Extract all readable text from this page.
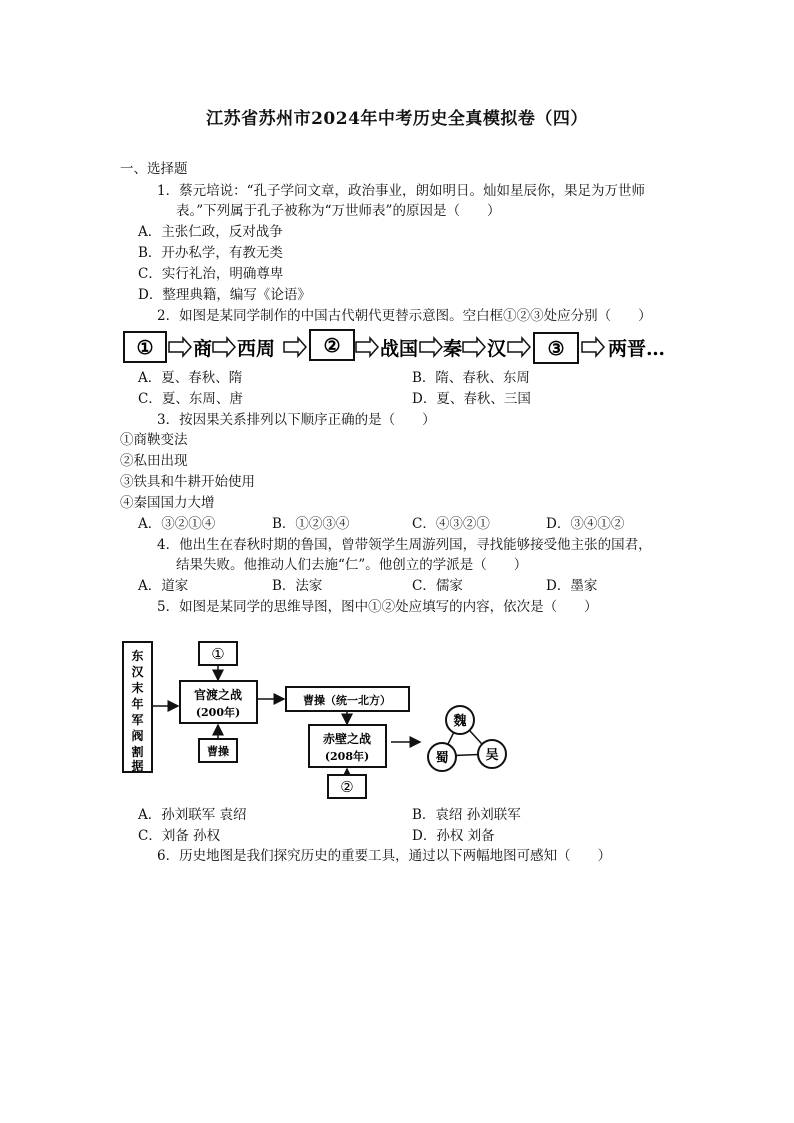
江苏省苏州市2024年中考历史全真模拟卷（四）
一、选择题
1．蔡元培说：“孔子学问文章，政治事业，朗如明日。灿如星辰你，果足为万世师
表。”下列属于孔子被称为“万世师表”的原因是（　　）
A．主张仁政，反对战争
B．开办私学，有教无类
C．实行礼治，明确尊卑
D．整理典籍，编写《论语》
2．如图是某同学制作的中国古代朝代更替示意图。空白框①②③处应分别（　　）
① 商 西周	② 战国 秦 汉 ③ 两晋…
A．夏、春秋、隋	B．隋、春秋、东周
C．夏、东周、唐	D．夏、春秋、三国
3．按因果关系排列以下顺序正确的是（　　）
①商鞅变法
②私田出现
③铁具和牛耕开始使用
④秦国国力大增
A．③②①④	B．①②③④	C．④③②①	D．③④①②
4．他出生在春秋时期的鲁国，曾带领学生周游列国，寻找能够接受他主张的国君，
结果失败。他推动人们去施“仁”。他创立的学派是（　　）
A．道家	B．法家	C．儒家	D．墨家
5．如图是某同学的思维导图，图中①②处应填写的内容，依次是（　　）
东
汉
末
年
军
阀
割
据
①
官渡之战
(200年)
曹操
曹操（统一北方）
赤壁之战
(208年)
②
魏
蜀	吴
A．孙刘联军 袁绍	B．袁绍 孙刘联军
C．刘备 孙权	D．孙权 刘备
6．历史地图是我们探究历史的重要工具，通过以下两幅地图可感知（　　）
